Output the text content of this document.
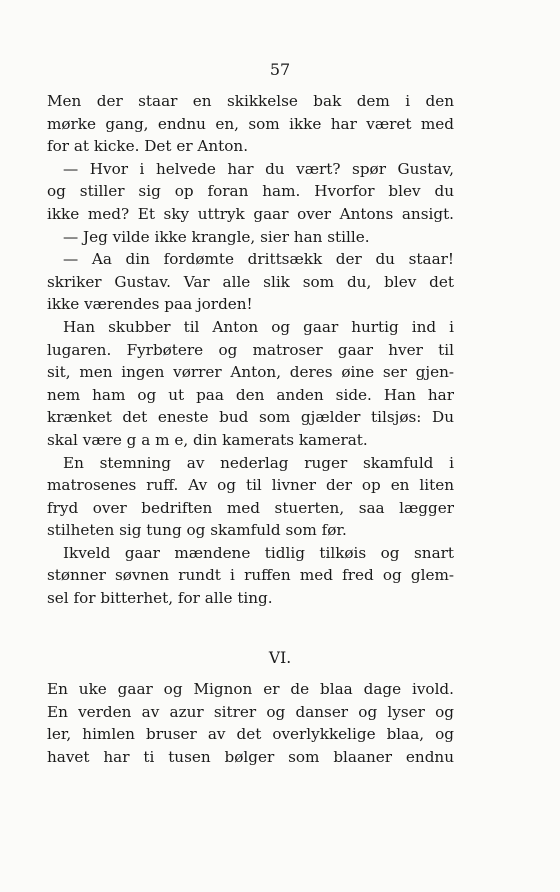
57
Men der staar en skikkelse bak dem i den
mørke gang, endnu en, som ikke har været med
for at kicke. Det er Anton.
— Hvor i helvede har du vært? spør Gustav,
og stiller sig op foran ham. Hvorfor blev du
ikke med? Et sky uttryk gaar over Antons ansigt.
— Jeg vilde ikke krangle, sier han stille.
— Aa din fordømte drittsækk der du staar!
skriker Gustav. Var alle slik som du, blev det
ikke værendes paa jorden!
Han skubber til Anton og gaar hurtig ind i
lugaren. Fyrbøtere og matroser gaar hver til
sit, men ingen vørrer Anton, deres øine ser gjen-
nem ham og ut paa den anden side. Han har
krænket det eneste bud som gjælder tilsjøs: Du
skal være g a m e, din kamerats kamerat.
En stemning av nederlag ruger skamfuld i
matrosenes ruff. Av og til livner der op en liten
fryd over bedriften med stuerten, saa lægger
stilheten sig tung og skamfuld som før.
Ikveld gaar mændene tidlig tilkøis og snart
stønner søvnen rundt i ruffen med fred og glem-
sel for bitterhet, for alle ting.
VI.
En uke gaar og Mignon er de blaa dage ivold.
En verden av azur sitrer og danser og lyser og
ler, himlen bruser av det overlykkelige blaa, og
havet har ti tusen bølger som blaaner endnu
